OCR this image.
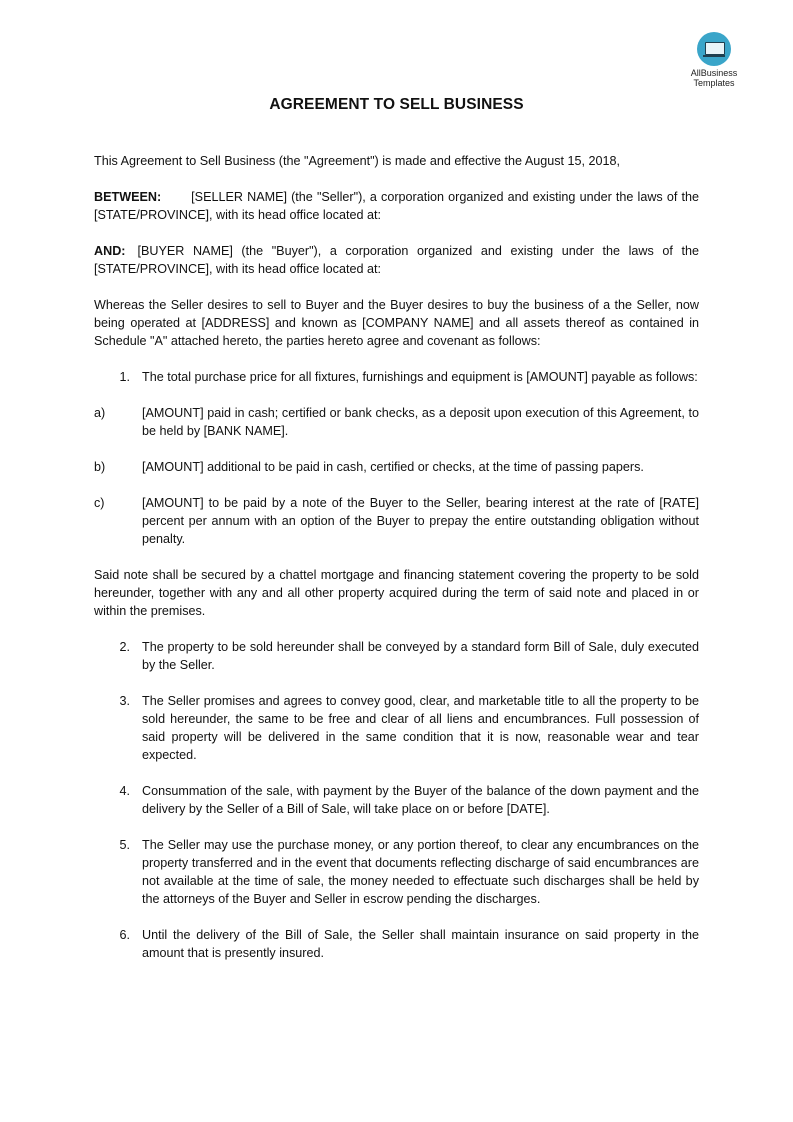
AllBusiness
Templates
AGREEMENT TO SELL BUSINESS

This Agreement to Sell Business (the "Agreement") is made and effective the August 15, 2018,

BETWEEN: [SELLER NAME] (the "Seller"), a corporation organized and existing under the laws of the [STATE/PROVINCE], with its head office located at:

AND: [BUYER NAME] (the "Buyer"), a corporation organized and existing under the laws of the [STATE/PROVINCE], with its head office located at:

Whereas the Seller desires to sell to Buyer and the Buyer desires to buy the business of a the Seller, now being operated at [ADDRESS] and known as [COMPANY NAME] and all assets thereof as contained in Schedule "A" attached hereto, the parties hereto agree and covenant as follows:

1. The total purchase price for all fixtures, furnishings and equipment is [AMOUNT] payable as follows:
a)	[AMOUNT] paid in cash; certified or bank checks, as a deposit upon execution of this Agreement, to be held by [BANK NAME].
b)	[AMOUNT] additional to be paid in cash, certified or checks, at the time of passing papers.
c)	[AMOUNT] to be paid by a note of the Buyer to the Seller, bearing interest at the rate of [RATE] percent per annum with an option of the Buyer to prepay the entire outstanding obligation without penalty.

Said note shall be secured by a chattel mortgage and financing statement covering the property to be sold hereunder, together with any and all other property acquired during the term of said note and placed in or within the premises.

2. The property to be sold hereunder shall be conveyed by a standard form Bill of Sale, duly executed by the Seller.
3. The Seller promises and agrees to convey good, clear, and marketable title to all the property to be sold hereunder, the same to be free and clear of all liens and encumbrances. Full possession of said property will be delivered in the same condition that it is now, reasonable wear and tear expected.
4. Consummation of the sale, with payment by the Buyer of the balance of the down payment and the delivery by the Seller of a Bill of Sale, will take place on or before [DATE].
5. The Seller may use the purchase money, or any portion thereof, to clear any encumbrances on the property transferred and in the event that documents reflecting discharge of said encumbrances are not available at the time of sale, the money needed to effectuate such discharges shall be held by the attorneys of the Buyer and Seller in escrow pending the discharges.
6. Until the delivery of the Bill of Sale, the Seller shall maintain insurance on said property in the amount that is presently insured.
